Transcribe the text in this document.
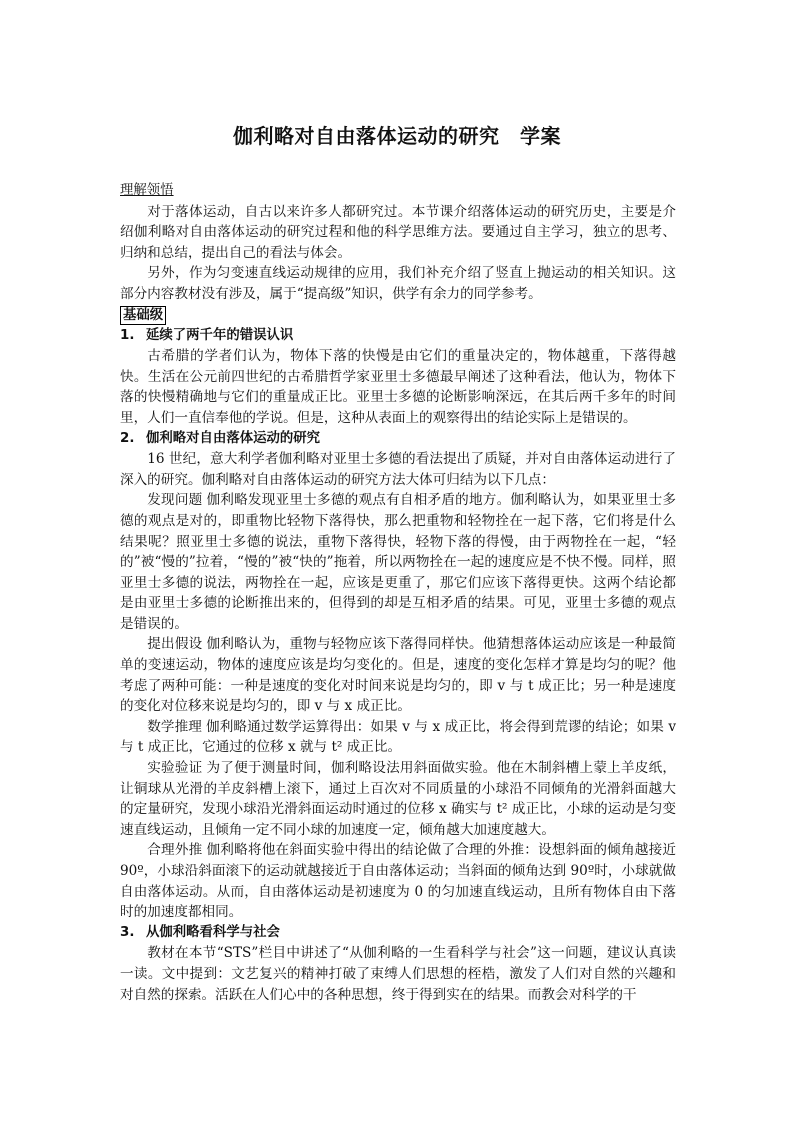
伽利略对自由落体运动的研究　学案
理解领悟

对于落体运动，自古以来许多人都研究过。本节课介绍落体运动的研究历史，主要是介绍伽利略对自由落体运动的研究过程和他的科学思维方法。要通过自主学习，独立的思考、归纳和总结，提出自己的看法与体会。

另外，作为匀变速直线运动规律的应用，我们补充介绍了竖直上抛运动的相关知识。这部分内容教材没有涉及，属于“提高级”知识，供学有余力的同学参考。

基础级
1. 延续了两千年的错误认识

古希腊的学者们认为，物体下落的快慢是由它们的重量决定的，物体越重，下落得越快。生活在公元前四世纪的古希腊哲学家亚里士多德最早阐述了这种看法，他认为，物体下落的快慢精确地与它们的重量成正比。亚里士多德的论断影响深远，在其后两千多年的时间里，人们一直信奉他的学说。但是，这种从表面上的观察得出的结论实际上是错误的。

2. 伽利略对自由落体运动的研究

16 世纪，意大利学者伽利略对亚里士多德的看法提出了质疑，并对自由落体运动进行了深入的研究。伽利略对自由落体运动的研究方法大体可归结为以下几点：

发现问题 伽利略发现亚里士多德的观点有自相矛盾的地方。伽利略认为，如果亚里士多德的观点是对的，即重物比轻物下落得快，那么把重物和轻物拴在一起下落，它们将是什么结果呢？照亚里士多德的说法，重物下落得快，轻物下落的得慢，由于两物拴在一起，“轻的”被“慢的”拉着，“慢的”被“快的”拖着，所以两物拴在一起的速度应是不快不慢。同样，照亚里士多德的说法，两物拴在一起，应该是更重了，那它们应该下落得更快。这两个结论都是由亚里士多德的论断推出来的，但得到的却是互相矛盾的结果。可见，亚里士多德的观点是错误的。

提出假设 伽利略认为，重物与轻物应该下落得同样快。他猜想落体运动应该是一种最简单的变速运动，物体的速度应该是均匀变化的。但是，速度的变化怎样才算是均匀的呢？他考虑了两种可能：一种是速度的变化对时间来说是均匀的，即 v 与 t 成正比；另一种是速度的变化对位移来说是均匀的，即 v 与 x 成正比。

数学推理 伽利略通过数学运算得出：如果 v 与 x 成正比，将会得到荒谬的结论；如果 v 与 t 成正比，它通过的位移 x 就与 t² 成正比。

实验验证 为了便于测量时间，伽利略设法用斜面做实验。他在木制斜槽上蒙上羊皮纸，让铜球从光滑的羊皮斜槽上滚下，通过上百次对不同质量的小球沿不同倾角的光滑斜面越大的定量研究，发现小球沿光滑斜面运动时通过的位移 x 确实与 t² 成正比，小球的运动是匀变速直线运动，且倾角一定不同小球的加速度一定，倾角越大加速度越大。

合理外推 伽利略将他在斜面实验中得出的结论做了合理的外推：设想斜面的倾角越接近 90º，小球沿斜面滚下的运动就越接近于自由落体运动；当斜面的倾角达到 90º时，小球就做自由落体运动。从而，自由落体运动是初速度为 0 的匀加速直线运动，且所有物体自由下落时的加速度都相同。

3. 从伽利略看科学与社会

教材在本节“STS”栏目中讲述了“从伽利略的一生看科学与社会”这一问题，建议认真读一读。文中提到：文艺复兴的精神打破了束缚人们思想的桎梏，激发了人们对自然的兴趣和对自然的探索。活跃在人们心中的各种思想，终于得到实在的结果。而教会对科学的干
